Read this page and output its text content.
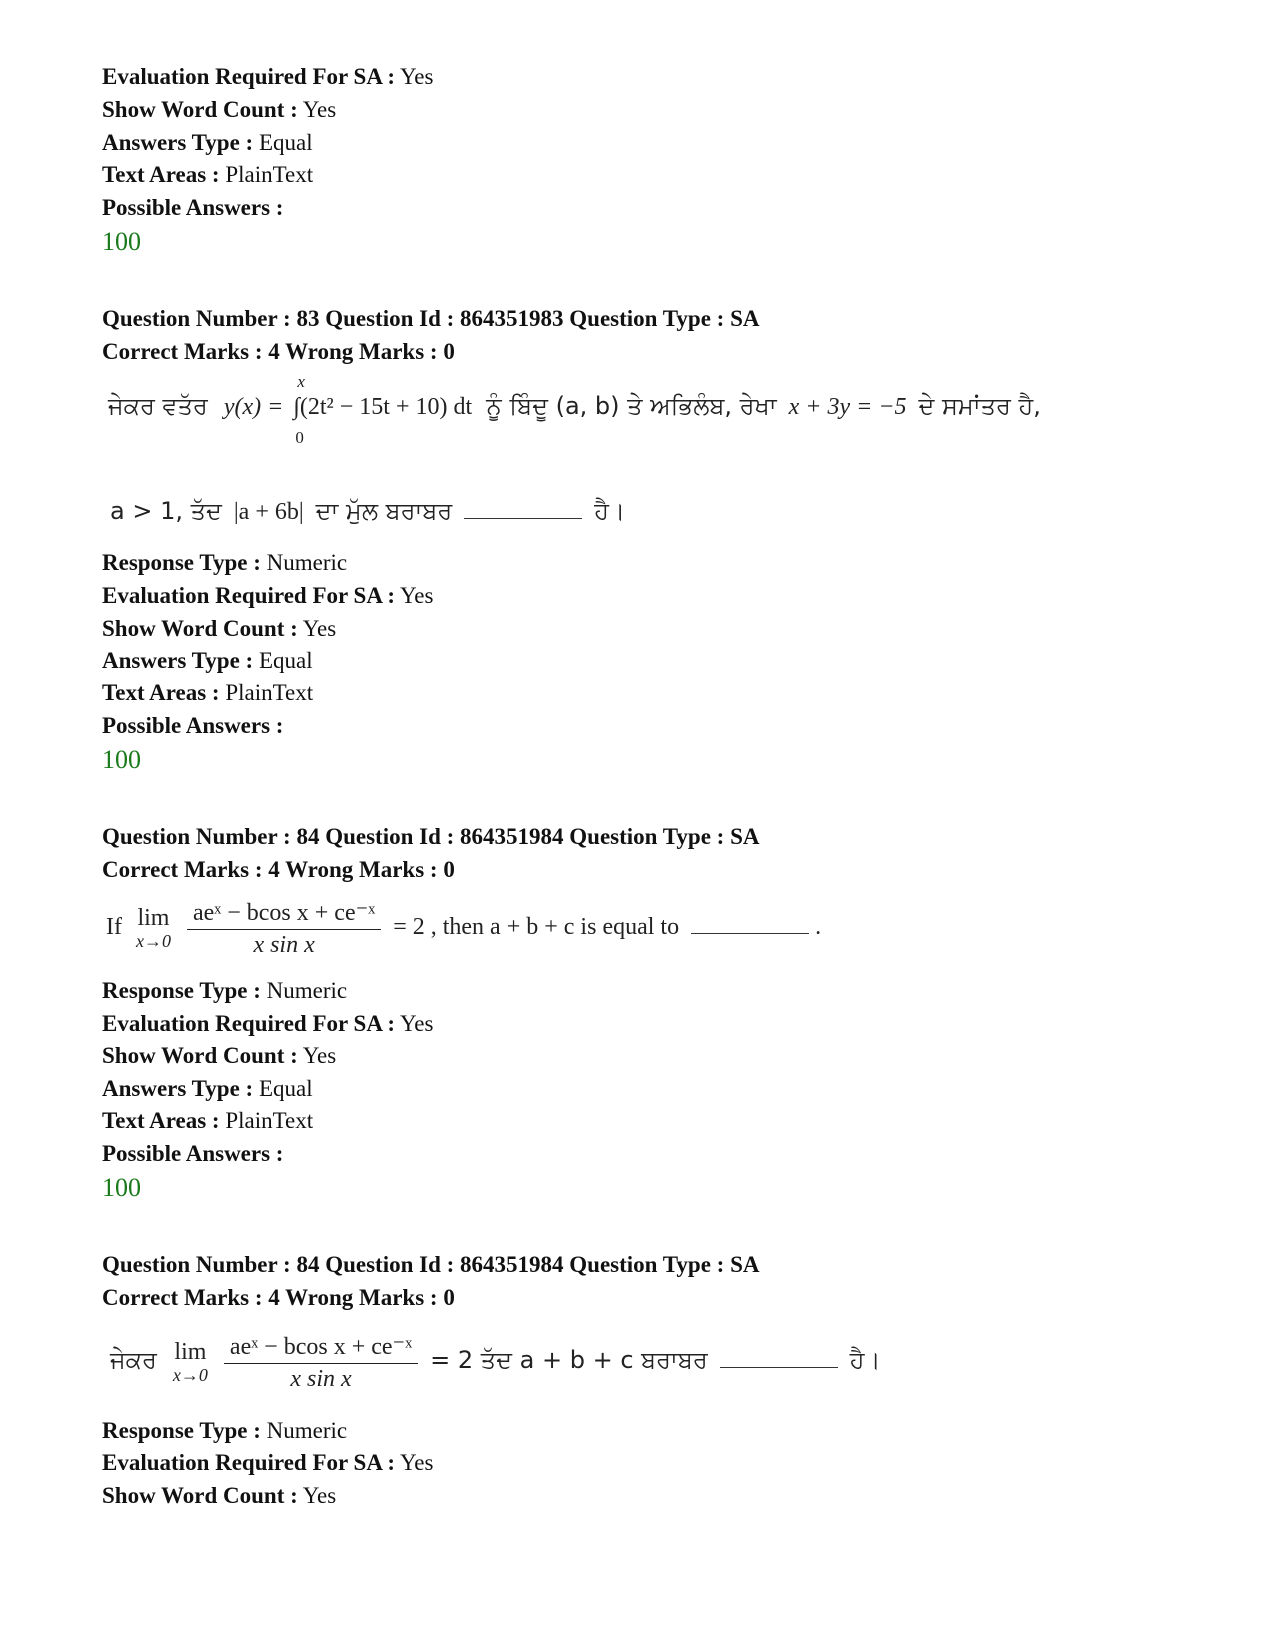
Evaluation Required For SA : Yes
Show Word Count : Yes
Answers Type : Equal
Text Areas : PlainText
Possible Answers :
100
Question Number : 83 Question Id : 864351983 Question Type : SA
Correct Marks : 4 Wrong Marks : 0
ਜੇਕਰ ਵਤੱਰ y(x) =
x
∫(2t² − 15t + 10) dt
0
ਨੂੰ ਬਿੰਦੂ (a, b) ਤੇ ਅਭਿਲੰਬ, ਰੇਖਾ x + 3y = −5 ਦੇ ਸਮਾਂਤਰ ਹੈ,
a > 1, ਤੱਦ |a + 6b| ਦਾ ਮੁੱਲ ਬਰਾਬਰ	ਹੈ।
Response Type : Numeric
Evaluation Required For SA : Yes
Show Word Count : Yes
Answers Type : Equal
Text Areas : PlainText
Possible Answers :
100
Question Number : 84 Question Id : 864351984 Question Type : SA
Correct Marks : 4 Wrong Marks : 0
If lim
x→0
$\frac{\text{aeˣ − bcos x + ce⁻ˣ}}{\text{x sin x}} = 2$ , then a + b + c is equal to	.
Response Type : Numeric
Evaluation Required For SA : Yes
Show Word Count : Yes
Answers Type : Equal
Text Areas : PlainText
Possible Answers :
100
Question Number : 84 Question Id : 864351984 Question Type : SA
Correct Marks : 4 Wrong Marks : 0
ਜੇਕਰ lim
x→0
$\frac{\text{aeˣ − bcos x + ce⁻ˣ}}{\text{x sin x}} = 2$ ਤੱਦ a + b + c ਬਰਾਬਰ	ਹੈ।
Response Type : Numeric
Evaluation Required For SA : Yes
Show Word Count : Yes
